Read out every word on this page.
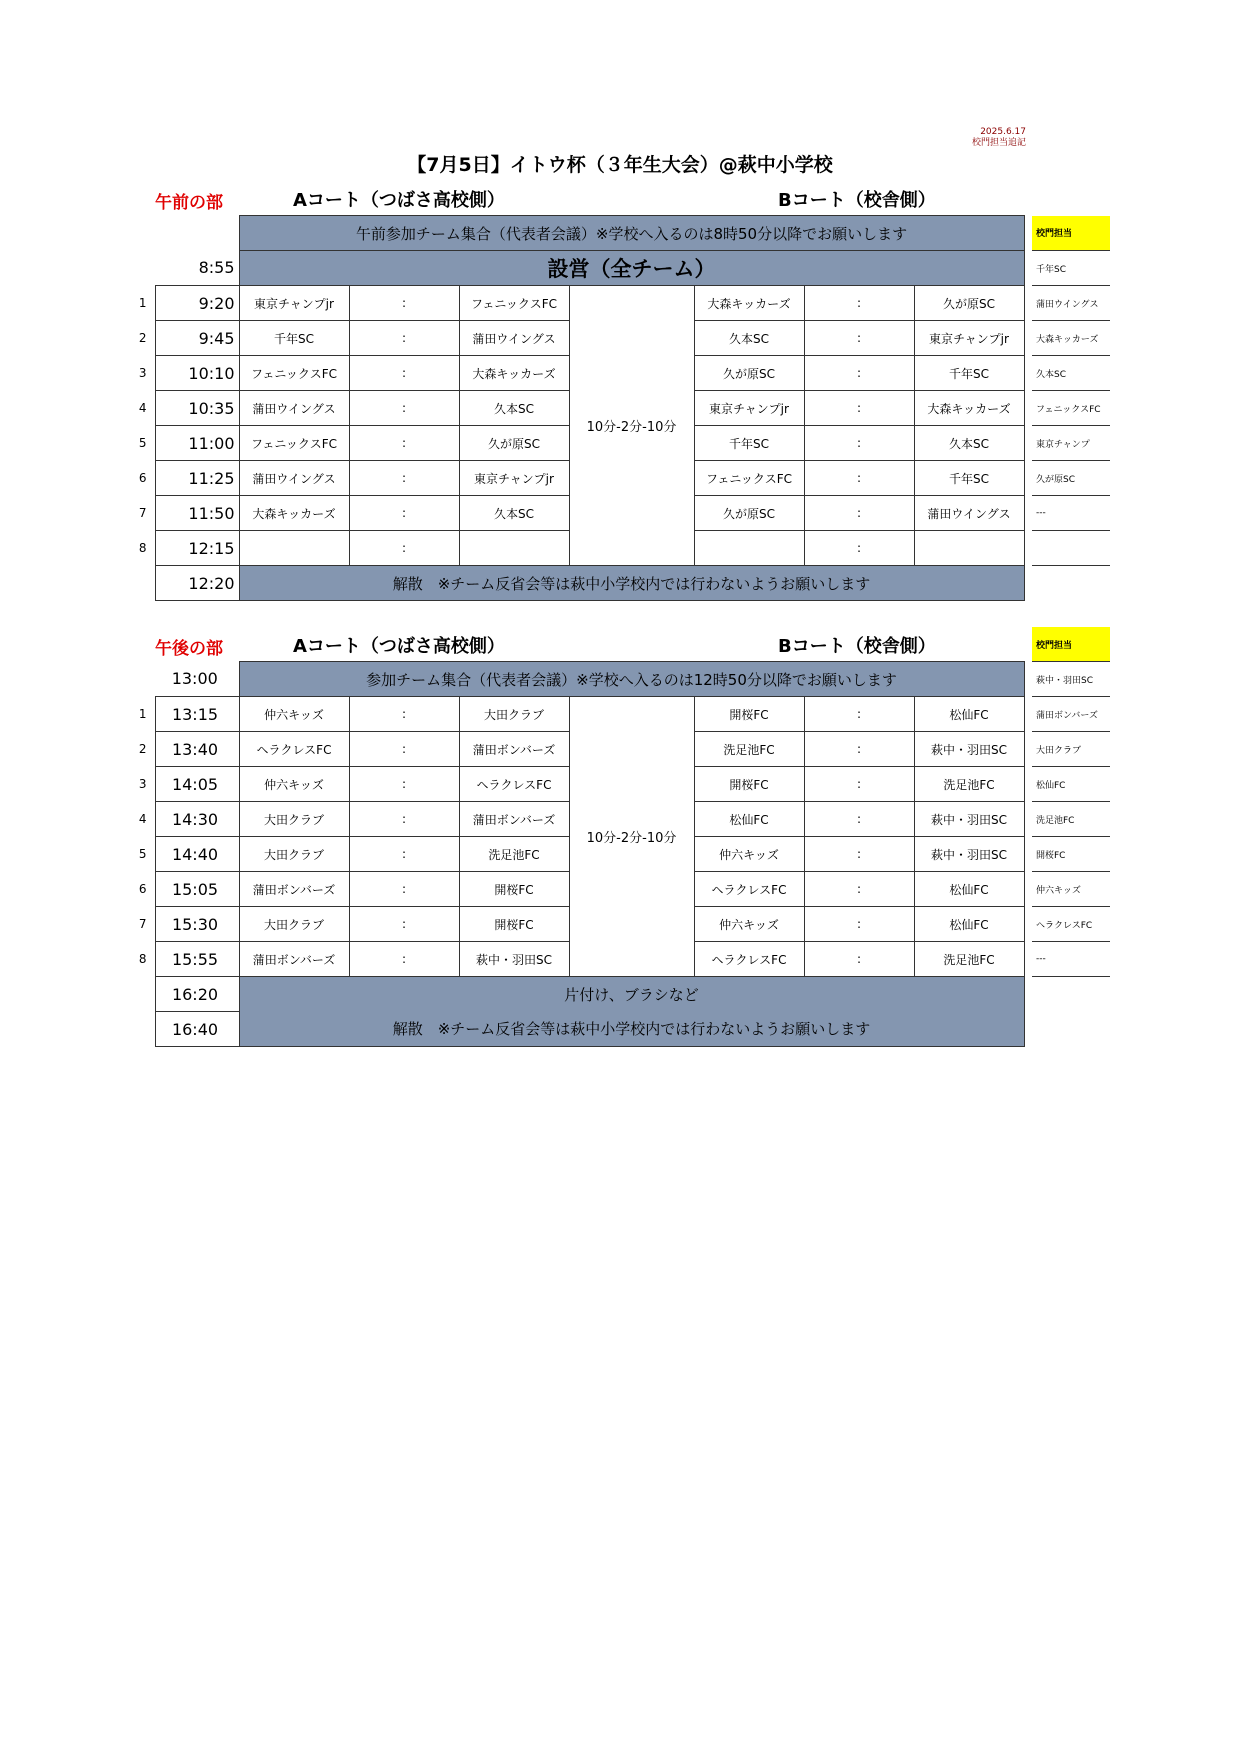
2025.6.17
校門担当追記
【7月5日】イトウ杯（３年生大会）@萩中小学校
午前の部	Aコート（つばさ高校側）	Bコート（校舎側）
		午前参加チーム集合（代表者会議）※学校へ入るのは8時50分以降でお願いします								校門担当
	8:55	設営（全チーム）								千年SC
1	9:20	東京チャンプjr	:	フェニックスFC	10分-2分-10分	大森キッカーズ	:	久が原SC		蒲田ウイングス
2	9:45	千年SC	:	蒲田ウイングス		久本SC	:	東京チャンプjr		大森キッカーズ
3	10:10	フェニックスFC	:	大森キッカーズ		久が原SC	:	千年SC		久本SC
4	10:35	蒲田ウイングス	:	久本SC		東京チャンプjr	:	大森キッカーズ		フェニックスFC
5	11:00	フェニックスFC	:	久が原SC		千年SC	:	久本SC		東京チャンプ
6	11:25	蒲田ウイングス	:	東京チャンプjr		フェニックスFC	:	千年SC		久が原SC
7	11:50	大森キッカーズ	:	久本SC		久が原SC	:	蒲田ウイングス		---
8	12:15		:				:			
	12:20	解散　※チーム反省会等は萩中小学校内では行わないようお願いします								
午後の部	Aコート（つばさ高校側）	Bコート（校舎側）
											校門担当
	13:00	参加チーム集合（代表者会議）※学校へ入るのは12時50分以降でお願いします								萩中・羽田SC
1	13:15	仲六キッズ	:	大田クラブ	10分-2分-10分	開桜FC	:	松仙FC		蒲田ボンバーズ
2	13:40	ヘラクレスFC	:	蒲田ボンバーズ		洗足池FC	:	萩中・羽田SC		大田クラブ
3	14:05	仲六キッズ	:	ヘラクレスFC		開桜FC	:	洗足池FC		松仙FC
4	14:30	大田クラブ	:	蒲田ボンバーズ		松仙FC	:	萩中・羽田SC		洗足池FC
5	14:40	大田クラブ	:	洗足池FC		仲六キッズ	:	萩中・羽田SC		開桜FC
6	15:05	蒲田ボンバーズ	:	開桜FC		ヘラクレスFC	:	松仙FC		仲六キッズ
7	15:30	大田クラブ	:	開桜FC		仲六キッズ	:	松仙FC		ヘラクレスFC
8	15:55	蒲田ボンバーズ	:	萩中・羽田SC		ヘラクレスFC	:	洗足池FC		---
	16:20	片付け、ブラシなど								
	16:40	解散　※チーム反省会等は萩中小学校内では行わないようお願いします								
